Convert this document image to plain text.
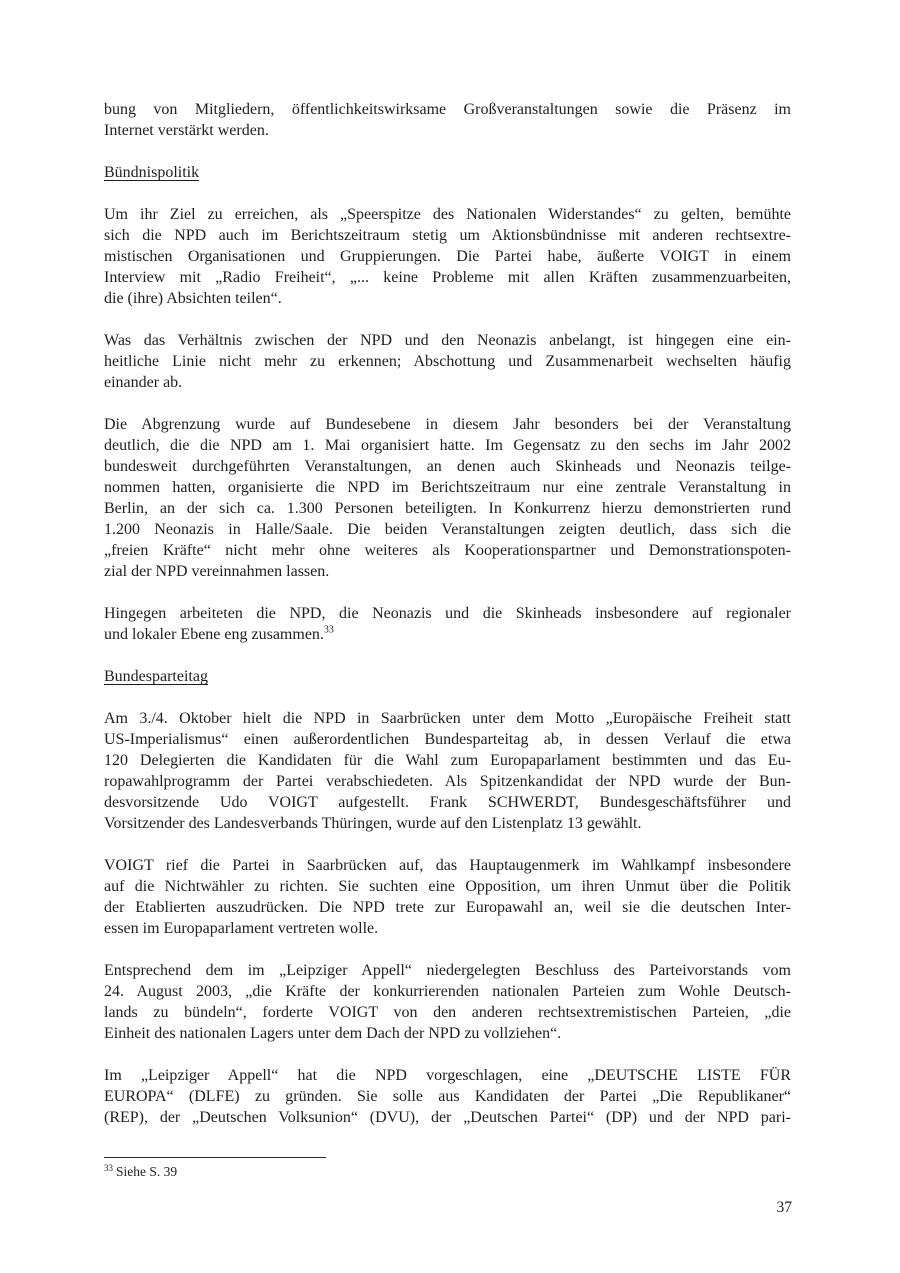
bung von Mitgliedern, öffentlichkeitswirksame Großveranstaltungen sowie die Präsenz im
Internet verstärkt werden.
Bündnispolitik
Um ihr Ziel zu erreichen, als „Speerspitze des Nationalen Widerstandes“ zu gelten, bemühte
sich die NPD auch im Berichtszeitraum stetig um Aktionsbündnisse mit anderen rechtsextre-
mistischen Organisationen und Gruppierungen. Die Partei habe, äußerte VOIGT in einem
Interview mit „Radio Freiheit“, „... keine Probleme mit allen Kräften zusammenzuarbeiten,
die (ihre) Absichten teilen“.
Was das Verhältnis zwischen der NPD und den Neonazis anbelangt, ist hingegen eine ein-
heitliche Linie nicht mehr zu erkennen; Abschottung und Zusammenarbeit wechselten häufig
einander ab.
Die Abgrenzung wurde auf Bundesebene in diesem Jahr besonders bei der Veranstaltung
deutlich, die die NPD am 1. Mai organisiert hatte. Im Gegensatz zu den sechs im Jahr 2002
bundesweit durchgeführten Veranstaltungen, an denen auch Skinheads und Neonazis teilge-
nommen hatten, organisierte die NPD im Berichtszeitraum nur eine zentrale Veranstaltung in
Berlin, an der sich ca. 1.300 Personen beteiligten. In Konkurrenz hierzu demonstrierten rund
1.200 Neonazis in Halle/Saale. Die beiden Veranstaltungen zeigten deutlich, dass sich die
„freien Kräfte“ nicht mehr ohne weiteres als Kooperationspartner und Demonstrationspoten-
zial der NPD vereinnahmen lassen.
Hingegen arbeiteten die NPD, die Neonazis und die Skinheads insbesondere auf regionaler
und lokaler Ebene eng zusammen.$^{33}$
Bundesparteitag
Am 3./4. Oktober hielt die NPD in Saarbrücken unter dem Motto „Europäische Freiheit statt
US-Imperialismus“ einen außerordentlichen Bundesparteitag ab, in dessen Verlauf die etwa
120 Delegierten die Kandidaten für die Wahl zum Europaparlament bestimmten und das Eu-
ropawahlprogramm der Partei verabschiedeten. Als Spitzenkandidat der NPD wurde der Bun-
desvorsitzende Udo VOIGT aufgestellt. Frank SCHWERDT, Bundesgeschäftsführer und
Vorsitzender des Landesverbands Thüringen, wurde auf den Listenplatz 13 gewählt.
VOIGT rief die Partei in Saarbrücken auf, das Hauptaugenmerk im Wahlkampf insbesondere
auf die Nichtwähler zu richten. Sie suchten eine Opposition, um ihren Unmut über die Politik
der Etablierten auszudrücken. Die NPD trete zur Europawahl an, weil sie die deutschen Inter-
essen im Europaparlament vertreten wolle.
Entsprechend dem im „Leipziger Appell“ niedergelegten Beschluss des Parteivorstands vom
24. August 2003, „die Kräfte der konkurrierenden nationalen Parteien zum Wohle Deutsch-
lands zu bündeln“, forderte VOIGT von den anderen rechtsextremistischen Parteien, „die
Einheit des nationalen Lagers unter dem Dach der NPD zu vollziehen“.
Im „Leipziger Appell“ hat die NPD vorgeschlagen, eine „DEUTSCHE LISTE FÜR
EUROPA“ (DLFE) zu gründen. Sie solle aus Kandidaten der Partei „Die Republikaner“
(REP), der „Deutschen Volksunion“ (DVU), der „Deutschen Partei“ (DP) und der NPD pari-
$^{33}$ Siehe S. 39
37
